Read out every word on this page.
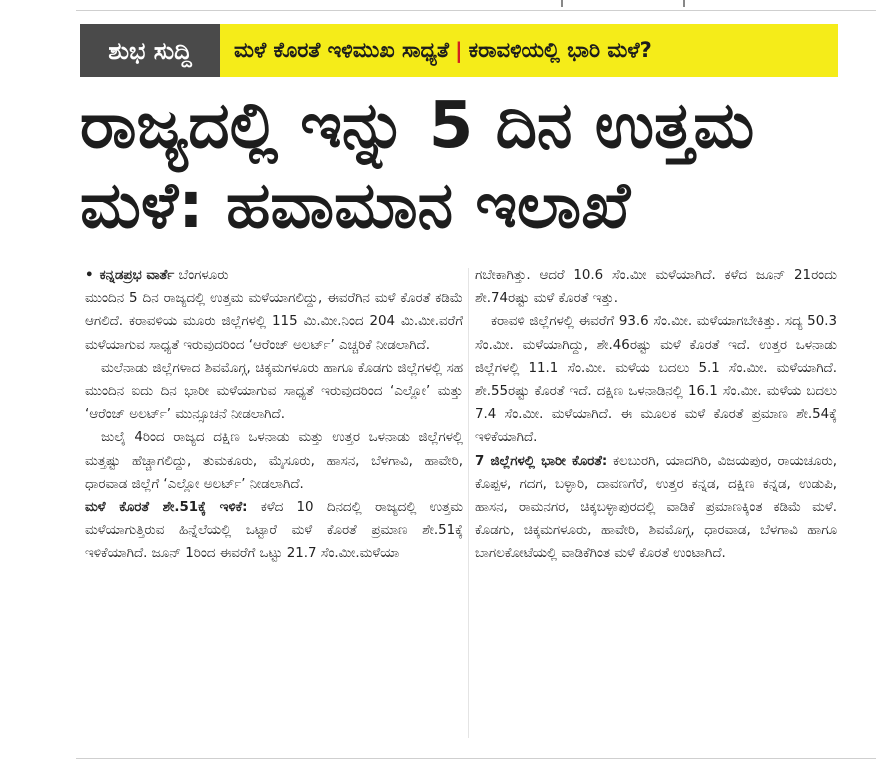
ಶುಭ ಸುದ್ದಿ	ಮಳೆ ಕೊರತೆ ಇಳಿಮುಖ ಸಾಧ್ಯತೆ | ಕರಾವಳಿಯಲ್ಲಿ ಭಾರಿ ಮಳೆ?
ರಾಜ್ಯದಲ್ಲಿ ಇನ್ನು 5 ದಿನ ಉತ್ತಮ
ಮಳೆ: ಹವಾಮಾನ ಇಲಾಖೆ

• ಕನ್ನಡಪ್ರಭ ವಾರ್ತೆ ಬೆಂಗಳೂರು

ಮುಂದಿನ 5 ದಿನ ರಾಜ್ಯದಲ್ಲಿ ಉತ್ತಮ ಮಳೆಯಾಗಲಿದ್ದು, ಈವರೆಗಿನ ಮಳೆ ಕೊರತೆ ಕಡಿಮೆ ಆಗಲಿದೆ. ಕರಾವಳಿಯ ಮೂರು ಜಿಲ್ಲೆಗಳಲ್ಲಿ 115 ಮಿ.ಮೀ.ನಿಂದ 204 ಮಿ.ಮೀ.ವರೆಗೆ ಮಳೆಯಾಗುವ ಸಾಧ್ಯತೆ ಇರುವುದರಿಂದ ‘ಆರೆಂಜ್ ಅಲರ್ಟ್’ ಎಚ್ಚರಿಕೆ ನೀಡಲಾಗಿದೆ.

ಮಲೆನಾಡು ಜಿಲ್ಲೆಗಳಾದ ಶಿವಮೊಗ್ಗ, ಚಿಕ್ಕಮಗಳೂರು ಹಾಗೂ ಕೊಡಗು ಜಿಲ್ಲೆಗಳಲ್ಲಿ ಸಹ ಮುಂದಿನ ಐದು ದಿನ ಭಾರೀ ಮಳೆಯಾಗುವ ಸಾಧ್ಯತೆ ಇರುವುದರಿಂದ ‘ಎಲ್ಲೋ’ ಮತ್ತು ‘ಆರೆಂಜ್ ಅಲರ್ಟ್’ ಮುನ್ಸೂಚನೆ ನೀಡಲಾಗಿದೆ.

ಜುಲೈ 4ರಿಂದ ರಾಜ್ಯದ ದಕ್ಷಿಣ ಒಳನಾಡು ಮತ್ತು ಉತ್ತರ ಒಳನಾಡು ಜಿಲ್ಲೆಗಳಲ್ಲಿ ಮತ್ತಷ್ಟು ಹೆಚ್ಚಾಗಲಿದ್ದು, ತುಮಕೂರು, ಮೈಸೂರು, ಹಾಸನ, ಬೆಳಗಾವಿ, ಹಾವೇರಿ, ಧಾರವಾಡ ಜಿಲ್ಲೆಗೆ ‘ಎಲ್ಲೋ ಅಲರ್ಟ್’ ನೀಡಲಾಗಿದೆ.

ಮಳೆ ಕೊರತೆ ಶೇ.51ಕ್ಕೆ ಇಳಿಕೆ: ಕಳೆದ 10 ದಿನದಲ್ಲಿ ರಾಜ್ಯದಲ್ಲಿ ಉತ್ತಮ ಮಳೆಯಾಗುತ್ತಿರುವ ಹಿನ್ನೆಲೆಯಲ್ಲಿ ಒಟ್ಟಾರೆ ಮಳೆ ಕೊರತೆ ಪ್ರಮಾಣ ಶೇ.51ಕ್ಕೆ ಇಳಿಕೆಯಾಗಿದೆ. ಜೂನ್ 1ರಿಂದ ಈವರೆಗೆ ಒಟ್ಟು 21.7 ಸೆಂ.ಮೀ.ಮಳೆಯಾ

ಗಬೇಕಾಗಿತ್ತು. ಆದರೆ 10.6 ಸೆಂ.ಮೀ ಮಳೆಯಾಗಿದೆ. ಕಳೆದ ಜೂನ್ 21ರಂದು ಶೇ.74ರಷ್ಟು ಮಳೆ ಕೊರತೆ ಇತ್ತು.

ಕರಾವಳಿ ಜಿಲ್ಲೆಗಳಲ್ಲಿ ಈವರೆಗೆ 93.6 ಸೆಂ.ಮೀ. ಮಳೆಯಾಗಬೇಕಿತ್ತು. ಸದ್ಯ 50.3 ಸೆಂ.ಮೀ. ಮಳೆಯಾಗಿದ್ದು, ಶೇ.46ರಷ್ಟು ಮಳೆ ಕೊರತೆ ಇದೆ. ಉತ್ತರ ಒಳನಾಡು ಜಿಲ್ಲೆಗಳಲ್ಲಿ 11.1 ಸೆಂ.ಮೀ. ಮಳೆಯ ಬದಲು 5.1 ಸೆಂ.ಮೀ. ಮಳೆಯಾಗಿದೆ. ಶೇ.55ರಷ್ಟು ಕೊರತೆ ಇದೆ. ದಕ್ಷಿಣ ಒಳನಾಡಿನಲ್ಲಿ 16.1 ಸೆಂ.ಮೀ. ಮಳೆಯ ಬದಲು 7.4 ಸೆಂ.ಮೀ. ಮಳೆಯಾಗಿದೆ. ಈ ಮೂಲಕ ಮಳೆ ಕೊರತೆ ಪ್ರಮಾಣ ಶೇ.54ಕ್ಕೆ ಇಳಿಕೆಯಾಗಿದೆ.

7 ಜಿಲ್ಲೆಗಳಲ್ಲಿ ಭಾರೀ ಕೊರತೆ: ಕಲಬುರಗಿ, ಯಾದಗಿರಿ, ವಿಜಯಪುರ, ರಾಯಚೂರು, ಕೊಪ್ಪಳ, ಗದಗ, ಬಳ್ಳಾರಿ, ದಾವಣಗೆರೆ, ಉತ್ತರ ಕನ್ನಡ, ದಕ್ಷಿಣ ಕನ್ನಡ, ಉಡುಪಿ, ಹಾಸನ, ರಾಮನಗರ, ಚಿಕ್ಕಬಳ್ಳಾಪುರದಲ್ಲಿ ವಾಡಿಕೆ ಪ್ರಮಾಣಕ್ಕಿಂತ ಕಡಿಮೆ ಮಳೆ. ಕೊಡಗು, ಚಿಕ್ಕಮಗಳೂರು, ಹಾವೇರಿ, ಶಿವಮೊಗ್ಗ, ಧಾರವಾಡ, ಬೆಳಗಾವಿ ಹಾಗೂ ಬಾಗಲಕೋಟೆಯಲ್ಲಿ ವಾಡಿಕೆಗಿಂತ ಮಳೆ ಕೊರತೆ ಉಂಟಾಗಿದೆ.
